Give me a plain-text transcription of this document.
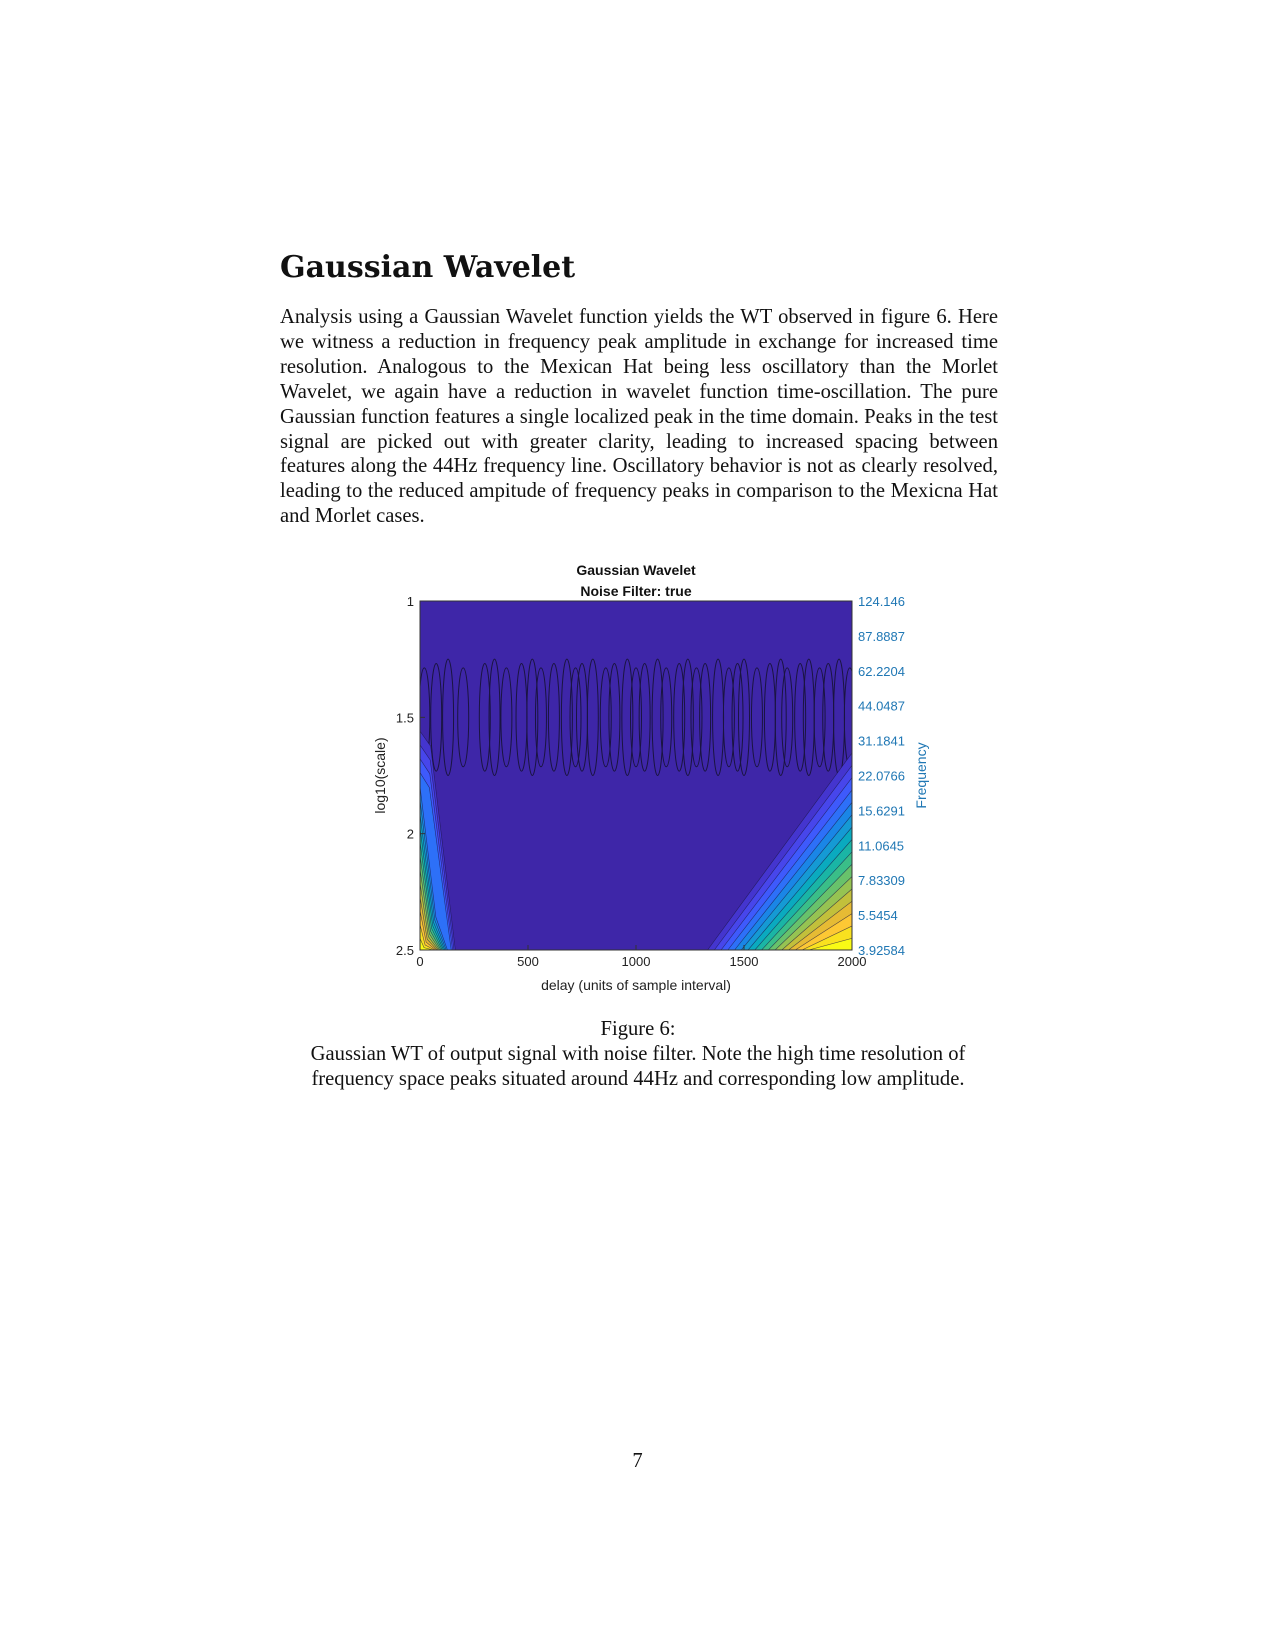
Gaussian Wavelet

Analysis using a Gaussian Wavelet function yields the WT observed in figure 6. Here we witness a reduction in frequency peak amplitude in exchange for increased time resolution. Analogous to the Mexican Hat being less oscillatory than the Morlet Wavelet, we again have a reduction in wavelet function time-oscillation. The pure Gaussian function features a single localized peak in the time domain. Peaks in the test signal are picked out with greater clarity, leading to increased spacing between features along the 44Hz frequency line. Oscillatory behavior is not as clearly resolved, leading to the reduced ampitude of frequency peaks in comparison to the Mexicna Hat and Morlet cases.

Gaussian Wavelet
Noise Filter: true
0	500	1000	1500	2000
1
1.5
2
2.5
124.146
87.8887
62.2204
44.0487
31.1841
22.0766
15.6291
11.0645
7.83309
5.5454
3.92584
delay (units of sample interval)
log10(scale)	Frequency
Figure 6:
Gaussian WT of output signal with noise filter. Note the high time resolution of frequency space peaks situated around 44Hz and corresponding low amplitude.
7
